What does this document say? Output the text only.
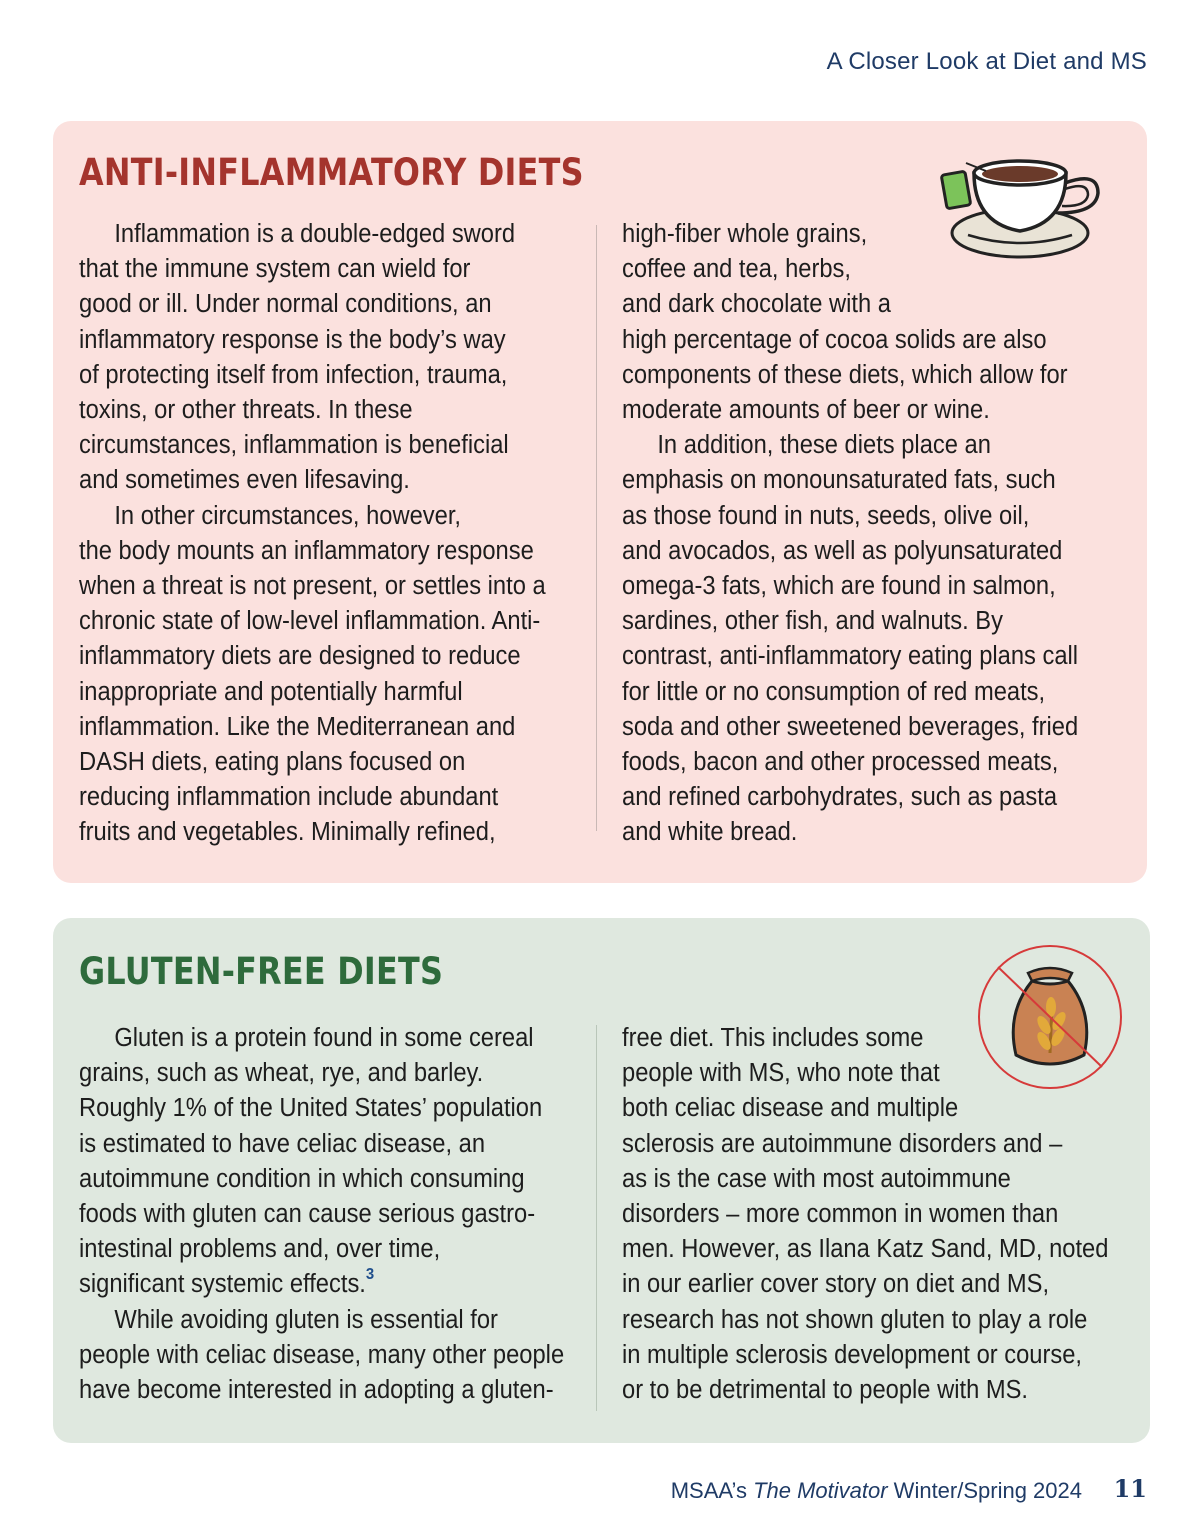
A Closer Look at Diet and MS
ANTI-INFLAMMATORY DIETS

Inflammation is a double-edged sword
that the immune system can wield for
good or ill. Under normal conditions, an
inflammatory response is the body’s way
of protecting itself from infection, trauma,
toxins, or other threats. In these
circumstances, inflammation is beneficial
and sometimes even lifesaving.

In other circumstances, however,
the body mounts an inflammatory response
when a threat is not present, or settles into a
chronic state of low-level inflammation. Anti-
inflammatory diets are designed to reduce
inappropriate and potentially harmful
inflammation. Like the Mediterranean and
DASH diets, eating plans focused on
reducing inflammation include abundant
fruits and vegetables. Minimally refined,

high-fiber whole grains,
coffee and tea, herbs,
and dark chocolate with a
high percentage of cocoa solids are also
components of these diets, which allow for
moderate amounts of beer or wine.

In addition, these diets place an
emphasis on monounsaturated fats, such
as those found in nuts, seeds, olive oil,
and avocados, as well as polyunsaturated
omega-3 fats, which are found in salmon,
sardines, other fish, and walnuts. By
contrast, anti-inflammatory eating plans call
for little or no consumption of red meats,
soda and other sweetened beverages, fried
foods, bacon and other processed meats,
and refined carbohydrates, such as pasta
and white bread.

GLUTEN-FREE DIETS

Gluten is a protein found in some cereal
grains, such as wheat, rye, and barley.
Roughly 1% of the United States’ population
is estimated to have celiac disease, an
autoimmune condition in which consuming
foods with gluten can cause serious gastro-
intestinal problems and, over time,
significant systemic effects.$^3$

While avoiding gluten is essential for
people with celiac disease, many other people
have become interested in adopting a gluten-

free diet. This includes some
people with MS, who note that
both celiac disease and multiple
sclerosis are autoimmune disorders and –
as is the case with most autoimmune
disorders – more common in women than
men. However, as Ilana Katz Sand, MD, noted
in our earlier cover story on diet and MS,
research has not shown gluten to play a role
in multiple sclerosis development or course,
or to be detrimental to people with MS.

MSAA’s The Motivator Winter/Spring 2024 11
